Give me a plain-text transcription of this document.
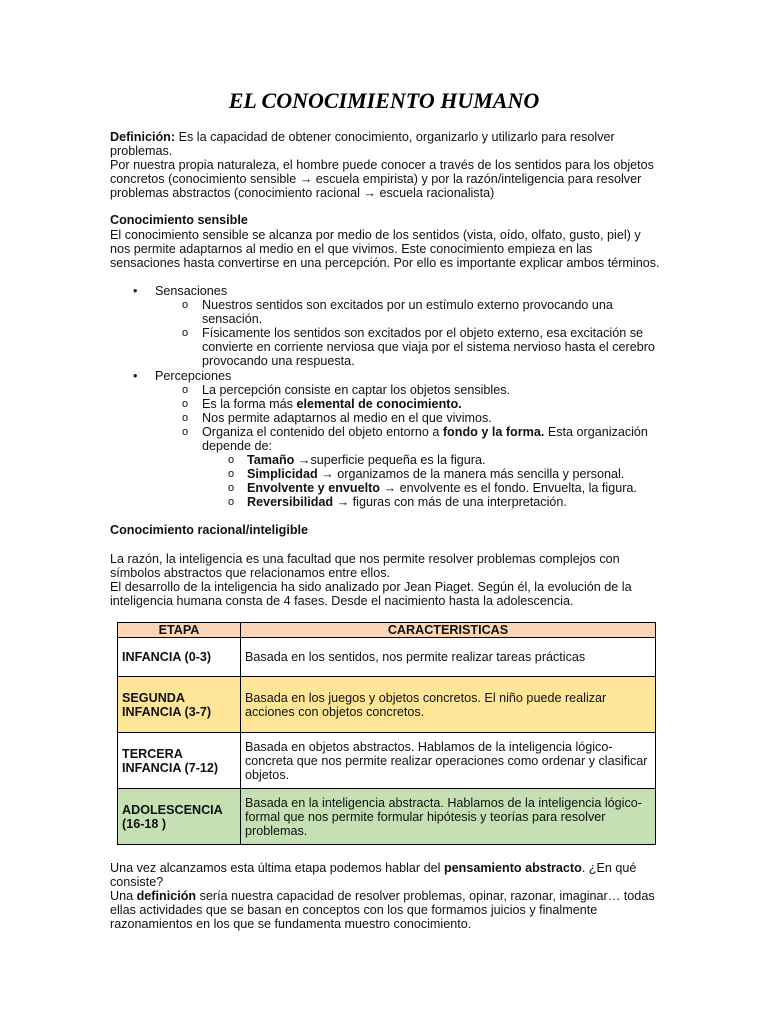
EL CONOCIMIENTO HUMANO

Definición: Es la capacidad de obtener conocimiento, organizarlo y utilizarlo para resolver problemas.

Por nuestra propia naturaleza, el hombre puede conocer a través de los sentidos para los objetos concretos (conocimiento sensible → escuela empirista) y por la razón/inteligencia para resolver problemas abstractos (conocimiento racional → escuela racionalista)

Conocimiento sensible

El conocimiento sensible se alcanza por medio de los sentidos (vista, oído, olfato, gusto, piel) y nos permite adaptarnos al medio en el que vivimos. Este conocimiento empieza en las sensaciones hasta convertirse en una percepción. Por ello es importante explicar ambos términos.

• Sensaciones
o Nuestros sentidos son excitados por un estímulo externo provocando una sensación.
o Físicamente los sentidos son excitados por el objeto externo, esa excitación se convierte en corriente nerviosa que viaja por el sistema nervioso hasta el cerebro provocando una respuesta.
• Percepciones
o La percepción consiste en captar los objetos sensibles.
o Es la forma más elemental de conocimiento.
o Nos permite adaptarnos al medio en el que vivimos.
o Organiza el contenido del objeto entorno a fondo y la forma. Esta organización depende de:
o Tamaño →superficie pequeña es la figura.
o Simplicidad → organizamos de la manera más sencilla y personal.
o Envolvente y envuelto → envolvente es el fondo. Envuelta, la figura.
o Reversibilidad → figuras con más de una interpretación.

Conocimiento racional/inteligible

La razón, la inteligencia es una facultad que nos permite resolver problemas complejos con símbolos abstractos que relacionamos entre ellos.

El desarrollo de la inteligencia ha sido analizado por Jean Piaget. Según él, la evolución de la inteligencia humana consta de 4 fases. Desde el nacimiento hasta la adolescencia.

ETAPA	CARACTERISTICAS
INFANCIA (0-3)	Basada en los sentidos, nos permite realizar tareas prácticas
SEGUNDA INFANCIA (3-7)	Basada en los juegos y objetos concretos. El niño puede realizar acciones con objetos concretos.
TERCERA INFANCIA (7-12)	Basada en objetos abstractos. Hablamos de la inteligencia lógico-concreta que nos permite realizar operaciones como ordenar y clasificar objetos.
ADOLESCENCIA (16-18 )	Basada en la inteligencia abstracta. Hablamos de la inteligencia lógico-formal que nos permite formular hipótesis y teorías para resolver problemas.

Una vez alcanzamos esta última etapa podemos hablar del pensamiento abstracto. ¿En qué consiste?

Una definición sería nuestra capacidad de resolver problemas, opinar, razonar, imaginar… todas ellas actividades que se basan en conceptos con los que formamos juicios y finalmente razonamientos en los que se fundamenta muestro conocimiento.
